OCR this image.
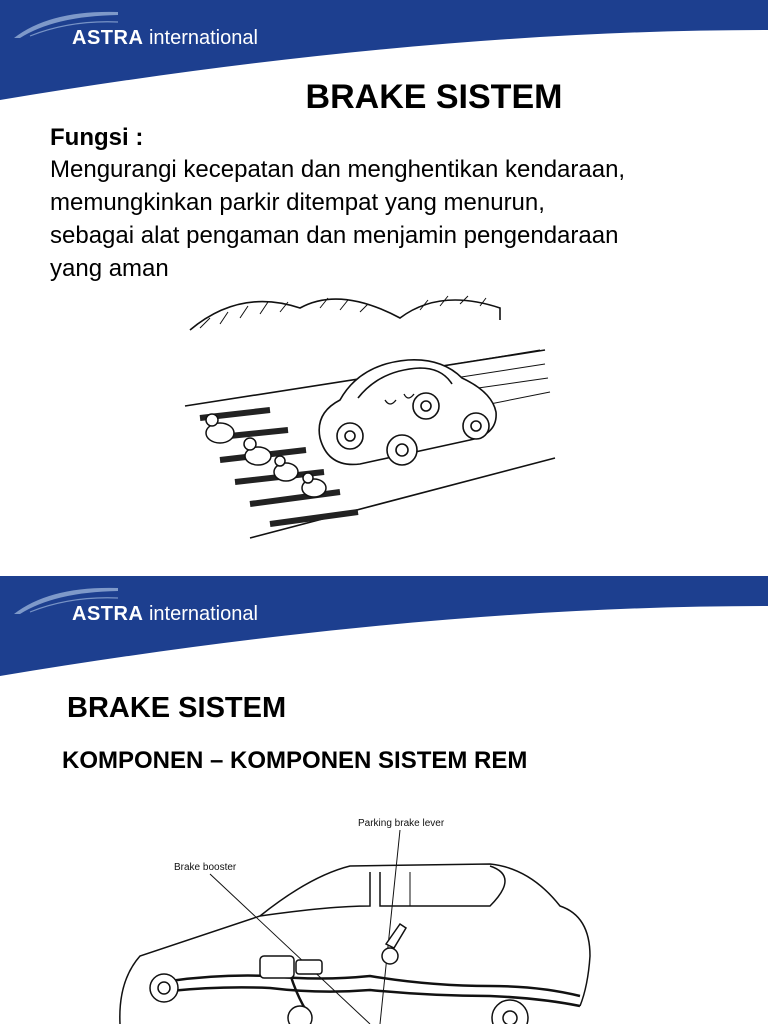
ASTRA international
BRAKE SISTEM
Fungsi :
Mengurangi kecepatan dan menghentikan kendaraan,
memungkinkan parkir ditempat yang menurun,
sebagai alat pengaman dan menjamin pengendaraan
yang aman
ASTRA international
BRAKE SISTEM
KOMPONEN – KOMPONEN SISTEM REM
Parking brake lever
Brake booster
